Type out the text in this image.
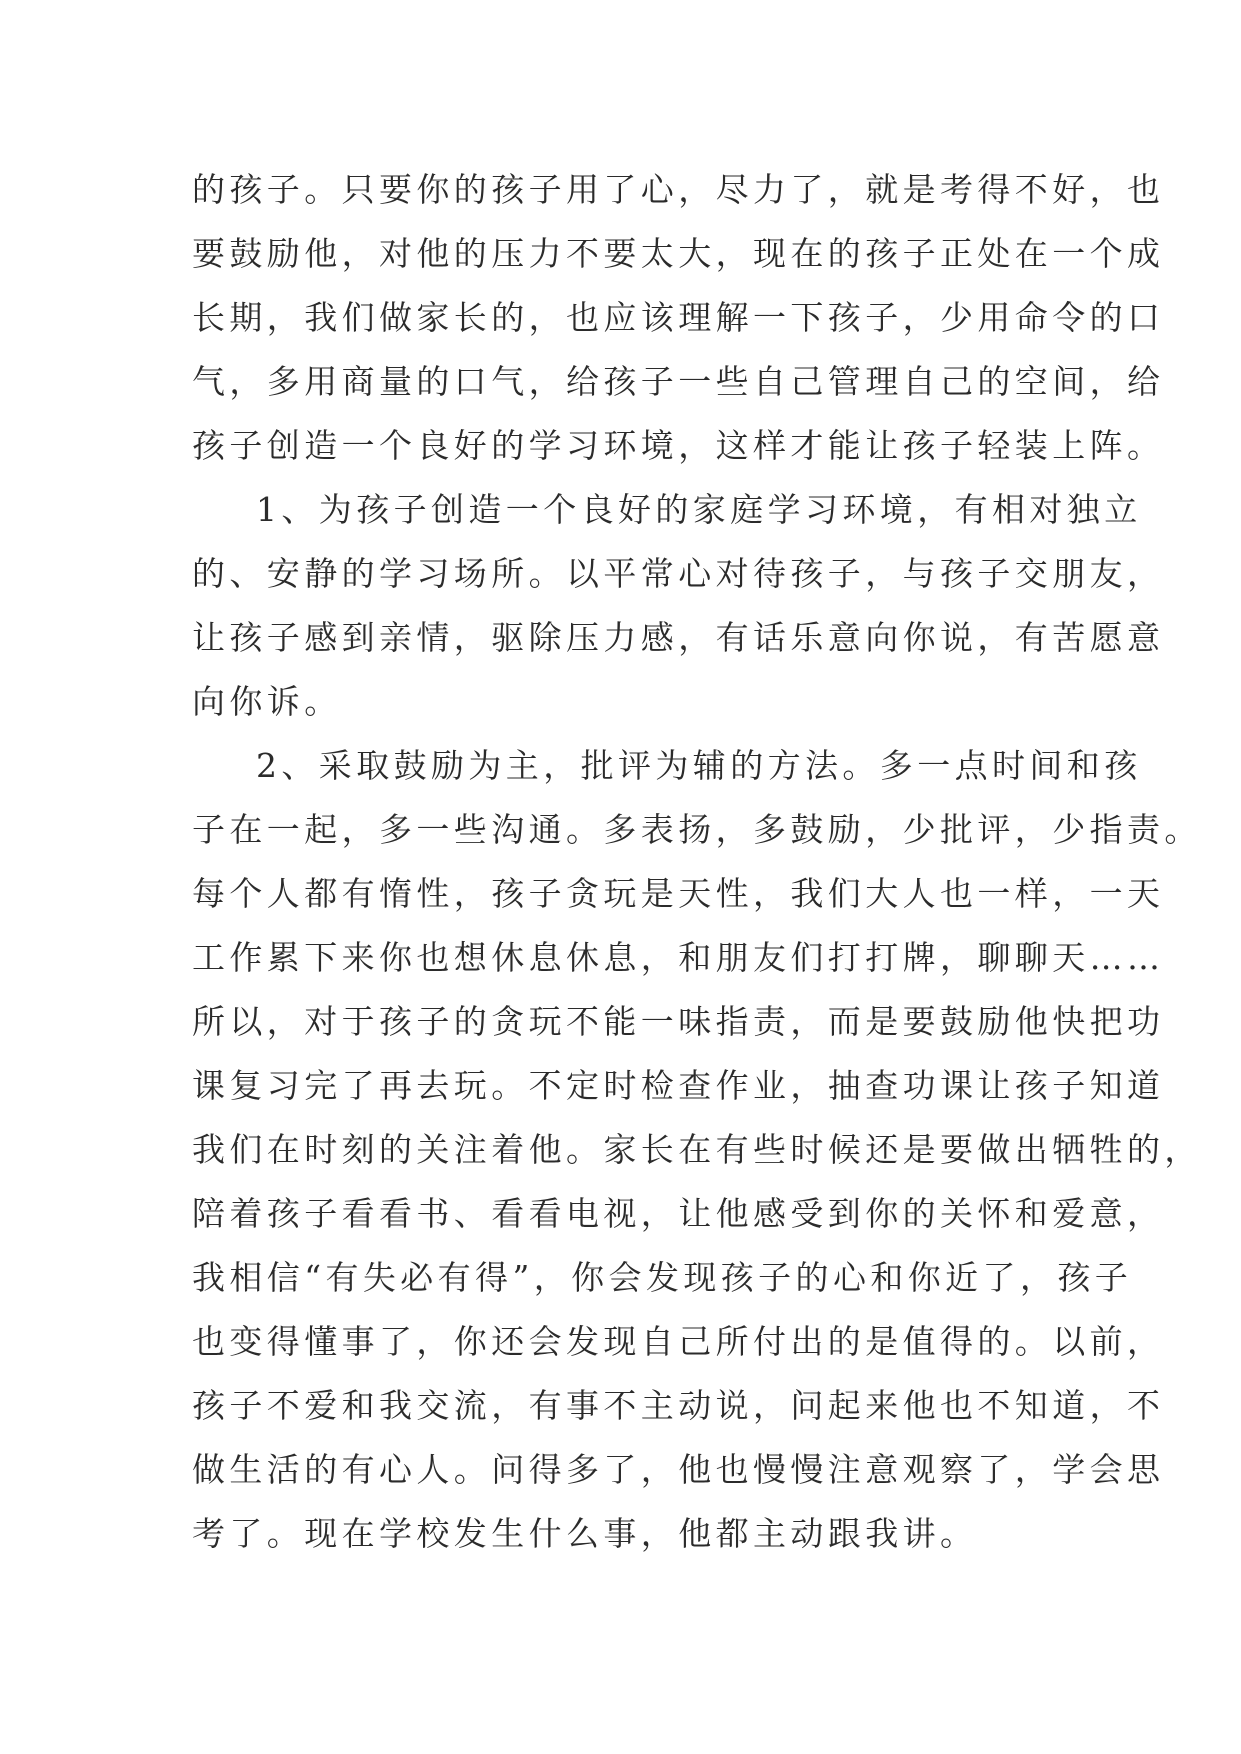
的孩子。只要你的孩子用了心，尽力了，就是考得不好，也
要鼓励他，对他的压力不要太大，现在的孩子正处在一个成
长期，我们做家长的，也应该理解一下孩子，少用命令的口
气，多用商量的口气，给孩子一些自己管理自己的空间，给
孩子创造一个良好的学习环境，这样才能让孩子轻装上阵。
1、为孩子创造一个良好的家庭学习环境，有相对独立
的、安静的学习场所。以平常心对待孩子，与孩子交朋友，
让孩子感到亲情，驱除压力感，有话乐意向你说，有苦愿意
向你诉。
2、采取鼓励为主，批评为辅的方法。多一点时间和孩
子在一起，多一些沟通。多表扬，多鼓励，少批评，少指责。
每个人都有惰性，孩子贪玩是天性，我们大人也一样，一天
工作累下来你也想休息休息，和朋友们打打牌，聊聊天……
所以，对于孩子的贪玩不能一味指责，而是要鼓励他快把功
课复习完了再去玩。不定时检查作业，抽查功课让孩子知道
我们在时刻的关注着他。家长在有些时候还是要做出牺牲的，
陪着孩子看看书、看看电视，让他感受到你的关怀和爱意，
我相信“有失必有得”，你会发现孩子的心和你近了，孩子
也变得懂事了，你还会发现自己所付出的是值得的。以前，
孩子不爱和我交流，有事不主动说，问起来他也不知道，不
做生活的有心人。问得多了，他也慢慢注意观察了，学会思
考了。现在学校发生什么事，他都主动跟我讲。
